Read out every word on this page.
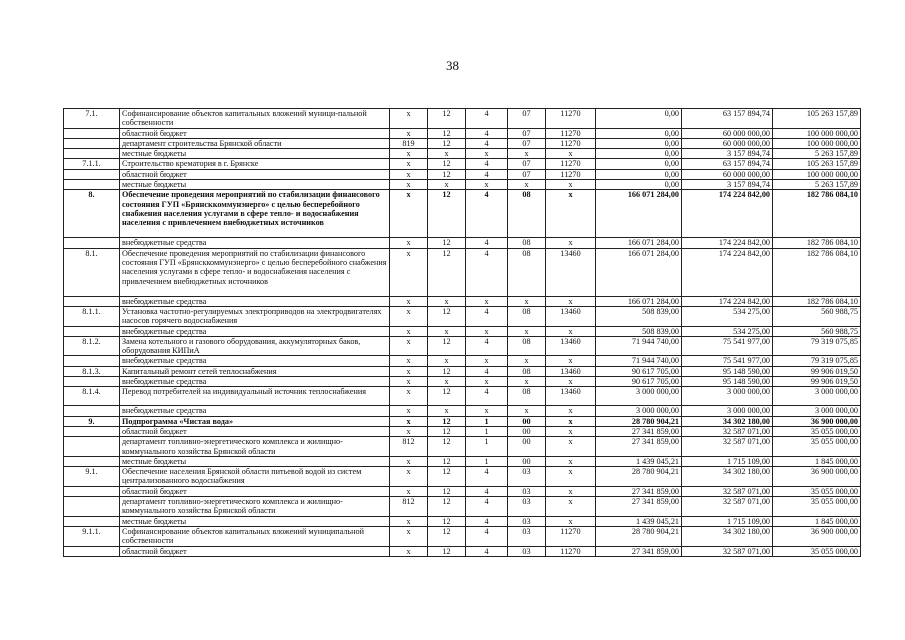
38
7.1.	Софинансирование объектов капитальных вложений муници-пальной собственности	х	12	4	07	11270	0,00	63 157 894,74	105 263 157,89
	областной бюджет	х	12	4	07	11270	0,00	60 000 000,00	100 000 000,00
	департамент строительства Брянской области	819	12	4	07	11270	0,00	60 000 000,00	100 000 000,00
	местные бюджеты	х	х	х	х	х	0,00	3 157 894,74	5 263 157,89
7.1.1.	Строительство крематория в г. Брянске	х	12	4	07	11270	0,00	63 157 894,74	105 263 157,89
	областной бюджет	х	12	4	07	11270	0,00	60 000 000,00	100 000 000,00
	местные бюджеты	х	х	х	х	х	0,00	3 157 894,74	5 263 157,89
8.	Обеспечение проведения мероприятий по стабилизации финансового состояния ГУП «Брянсккоммунэнерго» с целью бесперебойного снабжения населения услугами в сфере тепло- и водоснабжения населения с привлечением внебюджетных источников	х	12	4	08	х	166 071 284,00	174 224 842,00	182 786 084,10
	внебюджетные средства	х	12	4	08	х	166 071 284,00	174 224 842,00	182 786 084,10
8.1.	Обеспечение проведения мероприятий по стабилизации финансового состояния ГУП «Брянсккоммунэнерго» с целью бесперебойного снабжения населения услугами в сфере тепло- и водоснабжения населения с привлечением внебюджетных источников	х	12	4	08	13460	166 071 284,00	174 224 842,00	182 786 084,10
	внебюджетные средства	х	х	х	х	х	166 071 284,00	174 224 842,00	182 786 084,10
8.1.1.	Установка частотно-регулируемых электроприводов на электродвигателях насосов горячего водоснабжения	х	12	4	08	13460	508 839,00	534 275,00	560 988,75
	внебюджетные средства	х	х	х	х	х	508 839,00	534 275,00	560 988,75
8.1.2.	Замена котельного и газового оборудования, аккумуляторных баков, оборудования КИПиА	х	12	4	08	13460	71 944 740,00	75 541 977,00	79 319 075,85
	внебюджетные средства	х	х	х	х	х	71 944 740,00	75 541 977,00	79 319 075,85
8.1.3.	Капитальный ремонт сетей теплоснабжения	х	12	4	08	13460	90 617 705,00	95 148 590,00	99 906 019,50
	внебюджетные средства	х	х	х	х	х	90 617 705,00	95 148 590,00	99 906 019,50
8.1.4.	Перевод потребителей на индивидуальный источник теплоснабжения	х	12	4	08	13460	3 000 000,00	3 000 000,00	3 000 000,00
	внебюджетные средства	х	х	х	х	х	3 000 000,00	3 000 000,00	3 000 000,00
9.	Подпрограмма «Чистая вода»	х	12	1	00	х	28 780 904,21	34 302 180,00	36 900 000,00
	областной бюджет	х	12	1	00	х	27 341 859,00	32 587 071,00	35 055 000,00
	департамент топливно-энергетического комплекса и жилищно-коммунального хозяйства Брянской области	812	12	1	00	х	27 341 859,00	32 587 071,00	35 055 000,00
	местные бюджеты	х	12	1	00	х	1 439 045,21	1 715 109,00	1 845 000,00
9.1.	Обеспечение населения Брянской области питьевой водой из систем централизованного водоснабжения	х	12	4	03	х	28 780 904,21	34 302 180,00	36 900 000,00
	областной бюджет	х	12	4	03	х	27 341 859,00	32 587 071,00	35 055 000,00
	департамент топливно-энергетического комплекса и жилищно-коммунального хозяйства Брянской области	812	12	4	03	х	27 341 859,00	32 587 071,00	35 055 000,00
	местные бюджеты	х	12	4	03	х	1 439 045,21	1 715 109,00	1 845 000,00
9.1.1.	Софинансирование объектов капитальных вложений муниципальной собственности	х	12	4	03	11270	28 780 904,21	34 302 180,00	36 900 000,00
	областной бюджет	х	12	4	03	11270	27 341 859,00	32 587 071,00	35 055 000,00
